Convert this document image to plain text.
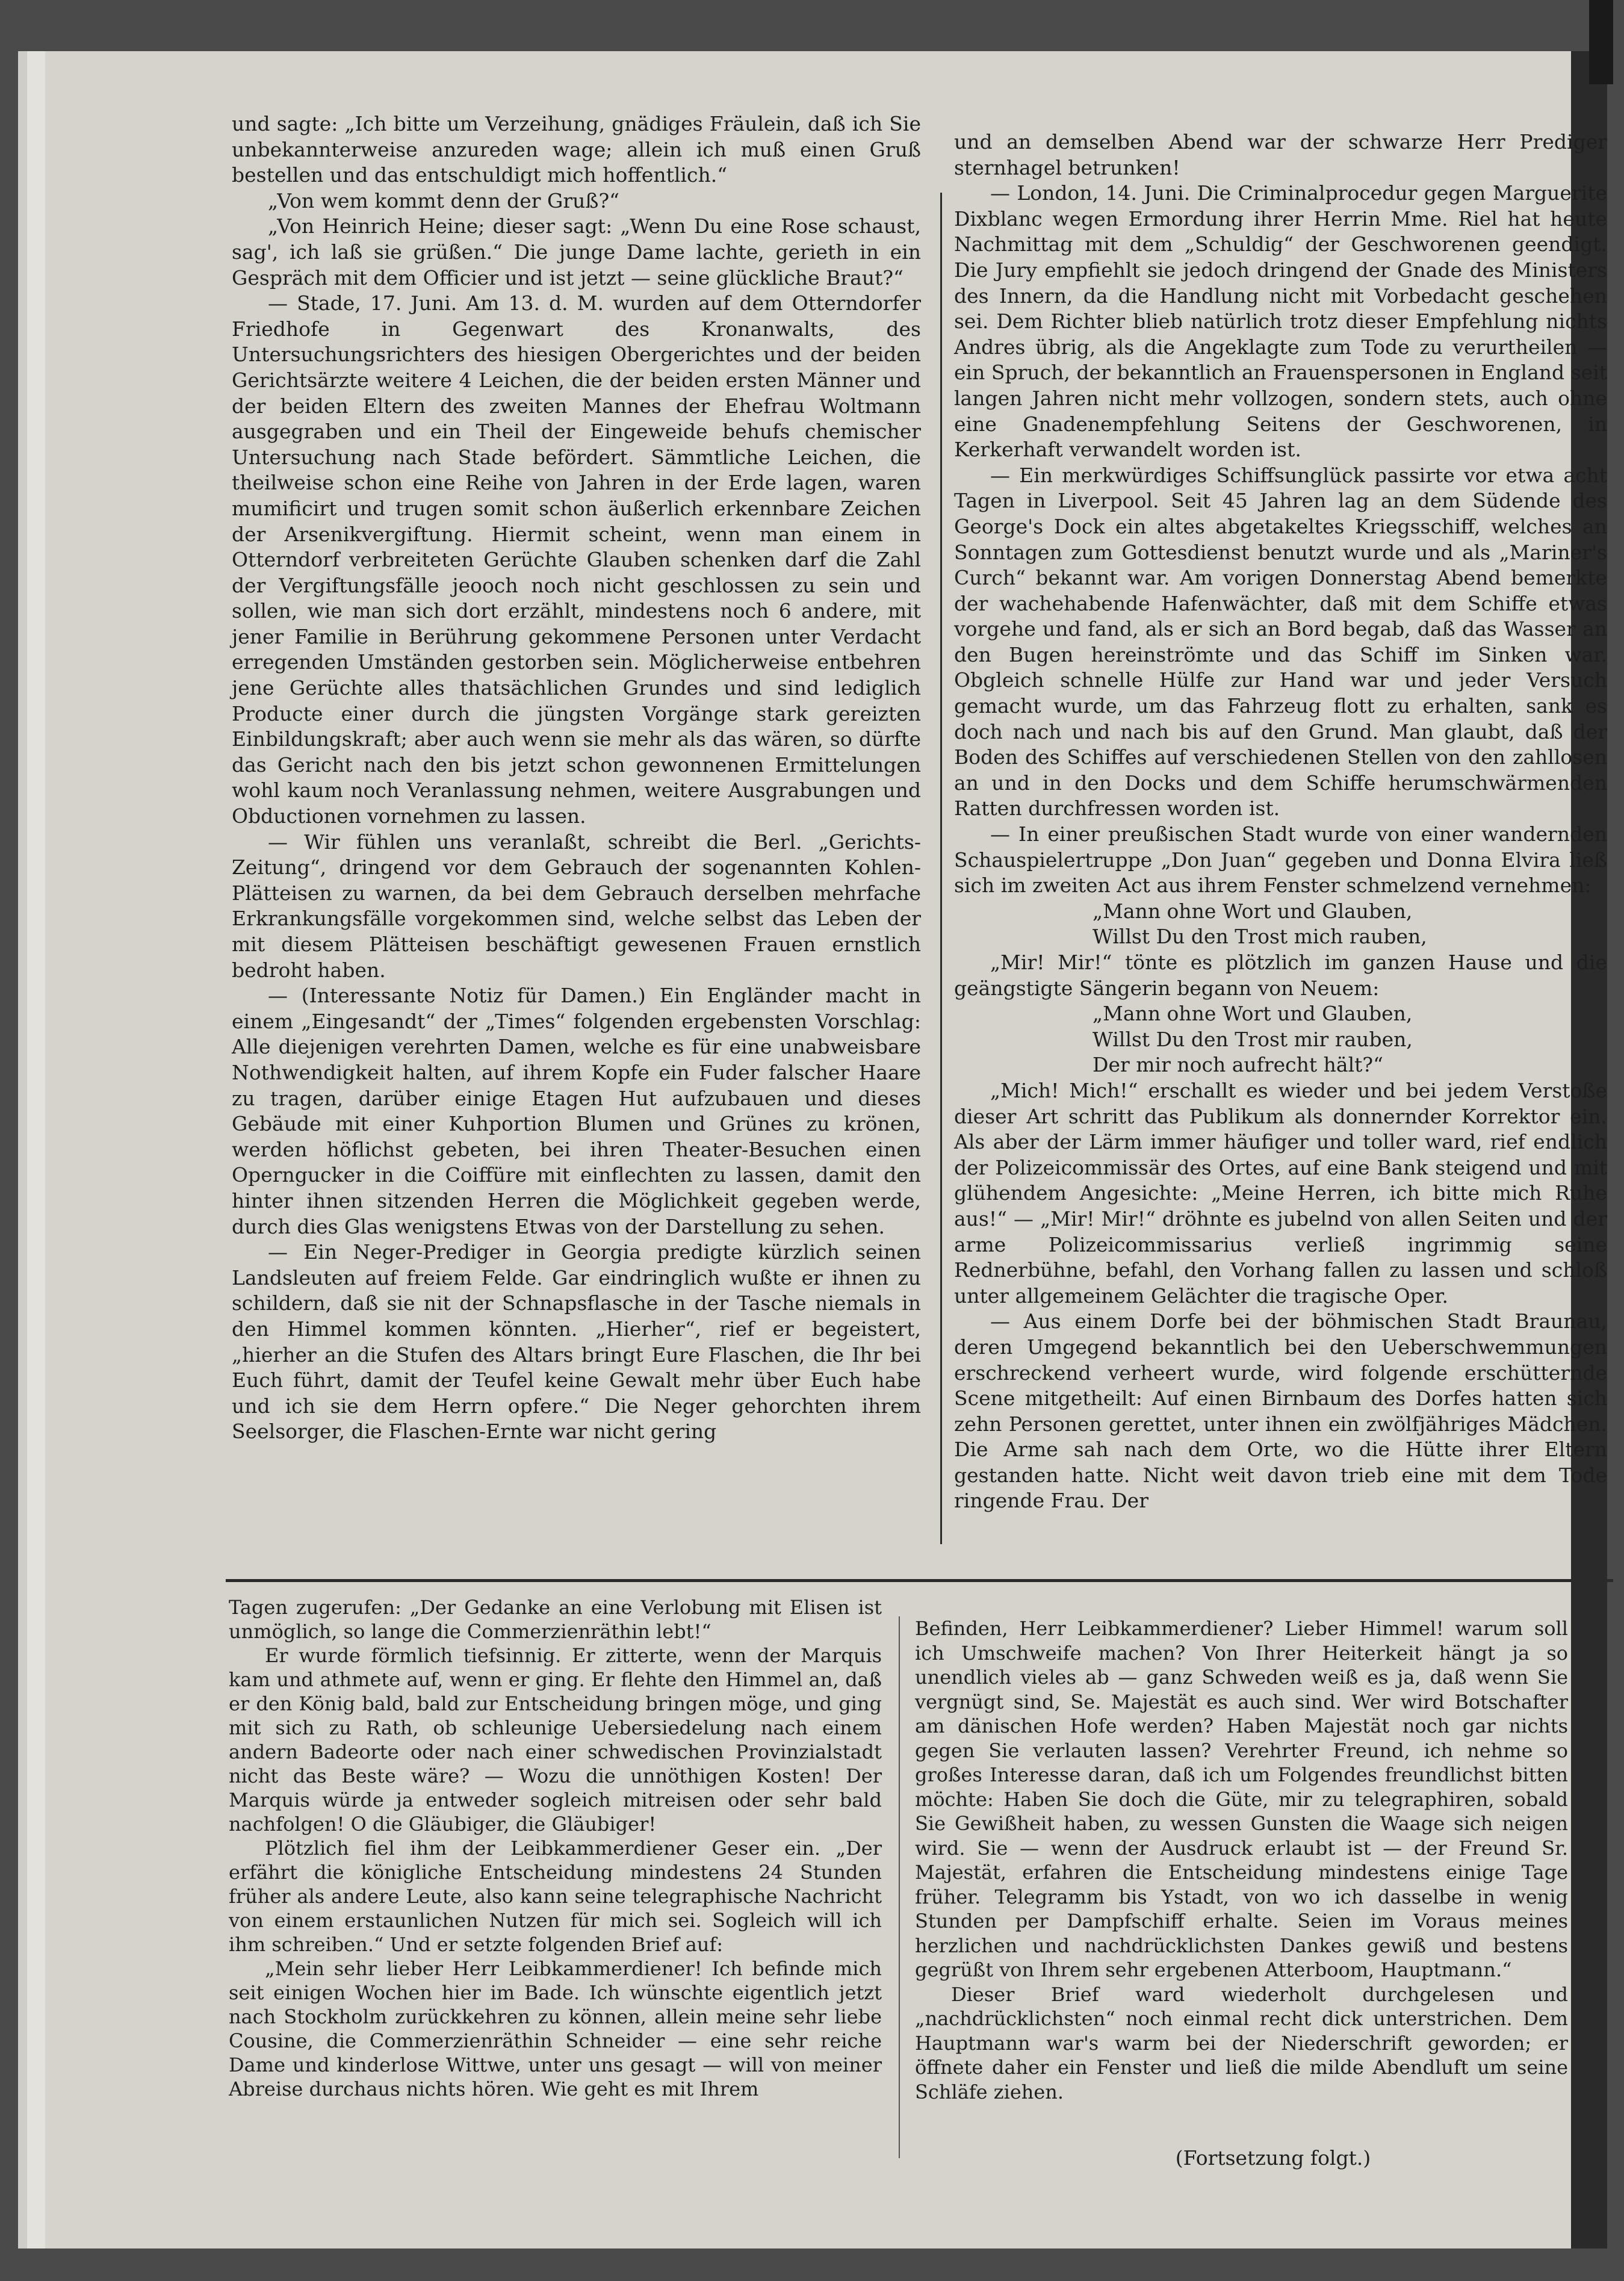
und sagte: „Ich bitte um Verzeihung, gnädiges Fräulein, daß ich Sie unbekannterweise anzureden wage; allein ich muß einen Gruß bestellen und das entschuldigt mich hoffentlich.“

„Von wem kommt denn der Gruß?“

„Von Heinrich Heine; dieser sagt: „Wenn Du eine Rose schaust, sag', ich laß sie grüßen.“ Die junge Dame lachte, gerieth in ein Gespräch mit dem Officier und ist jetzt — seine glückliche Braut?“

— Stade, 17. Juni. Am 13. d. M. wurden auf dem Otterndorfer Friedhofe in Gegenwart des Kronanwalts, des Untersuchungsrichters des hiesigen Obergerichtes und der beiden Gerichtsärzte weitere 4 Leichen, die der beiden ersten Männer und der beiden Eltern des zweiten Mannes der Ehefrau Woltmann ausgegraben und ein Theil der Eingeweide behufs chemischer Untersuchung nach Stade befördert. Sämmtliche Leichen, die theilweise schon eine Reihe von Jahren in der Erde lagen, waren mumificirt und trugen somit schon äußerlich erkennbare Zeichen der Arsenikvergiftung. Hiermit scheint, wenn man einem in Otterndorf verbreiteten Gerüchte Glauben schenken darf die Zahl der Vergiftungsfälle jeooch noch nicht geschlossen zu sein und sollen, wie man sich dort erzählt, mindestens noch 6 andere, mit jener Familie in Berührung gekommene Personen unter Verdacht erregenden Umständen gestorben sein. Möglicherweise entbehren jene Gerüchte alles thatsächlichen Grundes und sind lediglich Producte einer durch die jüngsten Vorgänge stark gereizten Einbildungskraft; aber auch wenn sie mehr als das wären, so dürfte das Gericht nach den bis jetzt schon gewonnenen Ermittelungen wohl kaum noch Veranlassung nehmen, weitere Ausgrabungen und Obductionen vornehmen zu lassen.

— Wir fühlen uns veranlaßt, schreibt die Berl. „Gerichts-Zeitung“, dringend vor dem Gebrauch der sogenannten Kohlen-Plätteisen zu warnen, da bei dem Gebrauch derselben mehrfache Erkrankungsfälle vorgekommen sind, welche selbst das Leben der mit diesem Plätteisen beschäftigt gewesenen Frauen ernstlich bedroht haben.

— (Interessante Notiz für Damen.) Ein Engländer macht in einem „Eingesandt“ der „Times“ folgenden ergebensten Vorschlag: Alle diejenigen verehrten Damen, welche es für eine unabweisbare Nothwendigkeit halten, auf ihrem Kopfe ein Fuder falscher Haare zu tragen, darüber einige Etagen Hut aufzubauen und dieses Gebäude mit einer Kuhportion Blumen und Grünes zu krönen, werden höflichst gebeten, bei ihren Theater-Besuchen einen Operngucker in die Coiffüre mit einflechten zu lassen, damit den hinter ihnen sitzenden Herren die Möglichkeit gegeben werde, durch dies Glas wenigstens Etwas von der Darstellung zu sehen.

— Ein Neger-Prediger in Georgia predigte kürzlich seinen Landsleuten auf freiem Felde. Gar eindringlich wußte er ihnen zu schildern, daß sie nit der Schnapsflasche in der Tasche niemals in den Himmel kommen könnten. „Hierher“, rief er begeistert, „hierher an die Stufen des Altars bringt Eure Flaschen, die Ihr bei Euch führt, damit der Teufel keine Gewalt mehr über Euch habe und ich sie dem Herrn opfere.“ Die Neger gehorchten ihrem Seelsorger, die Flaschen-Ernte war nicht gering

und an demselben Abend war der schwarze Herr Prediger sternhagel betrunken!

— London, 14. Juni. Die Criminalprocedur gegen Marguerite Dixblanc wegen Ermordung ihrer Herrin Mme. Riel hat heute Nachmittag mit dem „Schuldig“ der Geschworenen geendigt. Die Jury empfiehlt sie jedoch dringend der Gnade des Ministers des Innern, da die Handlung nicht mit Vorbedacht geschehen sei. Dem Richter blieb natürlich trotz dieser Empfehlung nichts Andres übrig, als die Angeklagte zum Tode zu verurtheilen — ein Spruch, der bekanntlich an Frauenspersonen in England seit langen Jahren nicht mehr vollzogen, sondern stets, auch ohne eine Gnadenempfehlung Seitens der Geschworenen, in Kerkerhaft verwandelt worden ist.

— Ein merkwürdiges Schiffsunglück passirte vor etwa acht Tagen in Liverpool. Seit 45 Jahren lag an dem Südende des George's Dock ein altes abgetakeltes Kriegsschiff, welches an Sonntagen zum Gottesdienst benutzt wurde und als „Mariner's Curch“ bekannt war. Am vorigen Donnerstag Abend bemerkte der wachehabende Hafenwächter, daß mit dem Schiffe etwas vorgehe und fand, als er sich an Bord begab, daß das Wasser an den Bugen hereinströmte und das Schiff im Sinken war. Obgleich schnelle Hülfe zur Hand war und jeder Versuch gemacht wurde, um das Fahrzeug flott zu erhalten, sank es doch nach und nach bis auf den Grund. Man glaubt, daß der Boden des Schiffes auf verschiedenen Stellen von den zahllosen an und in den Docks und dem Schiffe herumschwärmenden Ratten durchfressen worden ist.

— In einer preußischen Stadt wurde von einer wandernden Schauspielertruppe „Don Juan“ gegeben und Donna Elvira ließ sich im zweiten Act aus ihrem Fenster schmelzend vernehmen:

„Mann ohne Wort und Glauben,

Willst Du den Trost mich rauben,

„Mir! Mir!“ tönte es plötzlich im ganzen Hause und die geängstigte Sängerin begann von Neuem:

„Mann ohne Wort und Glauben,

Willst Du den Trost mir rauben,

Der mir noch aufrecht hält?“

„Mich! Mich!“ erschallt es wieder und bei jedem Verstoße dieser Art schritt das Publikum als donnernder Korrektor ein. Als aber der Lärm immer häufiger und toller ward, rief endlich der Polizeicommissär des Ortes, auf eine Bank steigend und mit glühendem Angesichte: „Meine Herren, ich bitte mich Ruhe aus!“ — „Mir! Mir!“ dröhnte es jubelnd von allen Seiten und der arme Polizeicommissarius verließ ingrimmig seine Rednerbühne, befahl, den Vorhang fallen zu lassen und schloß unter allgemeinem Gelächter die tragische Oper.

— Aus einem Dorfe bei der böhmischen Stadt Braunau, deren Umgegend bekanntlich bei den Ueberschwemmungen erschreckend verheert wurde, wird folgende erschütternde Scene mitgetheilt: Auf einen Birnbaum des Dorfes hatten sich zehn Personen gerettet, unter ihnen ein zwölfjähriges Mädchen. Die Arme sah nach dem Orte, wo die Hütte ihrer Eltern gestanden hatte. Nicht weit davon trieb eine mit dem Tode ringende Frau. Der

Tagen zugerufen: „Der Gedanke an eine Verlobung mit Elisen ist unmöglich, so lange die Commerzienräthin lebt!“

Er wurde förmlich tiefsinnig. Er zitterte, wenn der Marquis kam und athmete auf, wenn er ging. Er flehte den Himmel an, daß er den König bald, bald zur Entscheidung bringen möge, und ging mit sich zu Rath, ob schleunige Uebersiedelung nach einem andern Badeorte oder nach einer schwedischen Provinzialstadt nicht das Beste wäre? — Wozu die unnöthigen Kosten! Der Marquis würde ja entweder sogleich mitreisen oder sehr bald nachfolgen! O die Gläubiger, die Gläubiger!

Plötzlich fiel ihm der Leibkammerdiener Geser ein. „Der erfährt die königliche Entscheidung mindestens 24 Stunden früher als andere Leute, also kann seine telegraphische Nachricht von einem erstaunlichen Nutzen für mich sei. Sogleich will ich ihm schreiben.“ Und er setzte folgenden Brief auf:

„Mein sehr lieber Herr Leibkammerdiener! Ich befinde mich seit einigen Wochen hier im Bade. Ich wünschte eigentlich jetzt nach Stockholm zurückkehren zu können, allein meine sehr liebe Cousine, die Commerzienräthin Schneider — eine sehr reiche Dame und kinderlose Wittwe, unter uns gesagt — will von meiner Abreise durchaus nichts hören. Wie geht es mit Ihrem

Befinden, Herr Leibkammerdiener? Lieber Himmel! warum soll ich Umschweife machen? Von Ihrer Heiterkeit hängt ja so unendlich vieles ab — ganz Schweden weiß es ja, daß wenn Sie vergnügt sind, Se. Majestät es auch sind. Wer wird Botschafter am dänischen Hofe werden? Haben Majestät noch gar nichts gegen Sie verlauten lassen? Verehrter Freund, ich nehme so großes Interesse daran, daß ich um Folgendes freundlichst bitten möchte: Haben Sie doch die Güte, mir zu telegraphiren, sobald Sie Gewißheit haben, zu wessen Gunsten die Waage sich neigen wird. Sie — wenn der Ausdruck erlaubt ist — der Freund Sr. Majestät, erfahren die Entscheidung mindestens einige Tage früher. Telegramm bis Ystadt, von wo ich dasselbe in wenig Stunden per Dampfschiff erhalte. Seien im Voraus meines herzlichen und nachdrücklichsten Dankes gewiß und bestens gegrüßt von Ihrem sehr ergebenen Atterboom, Hauptmann.“

Dieser Brief ward wiederholt durchgelesen und „nachdrücklichsten“ noch einmal recht dick unterstrichen. Dem Hauptmann war's warm bei der Niederschrift geworden; er öffnete daher ein Fenster und ließ die milde Abendluft um seine Schläfe ziehen.

(Fortsetzung folgt.)
